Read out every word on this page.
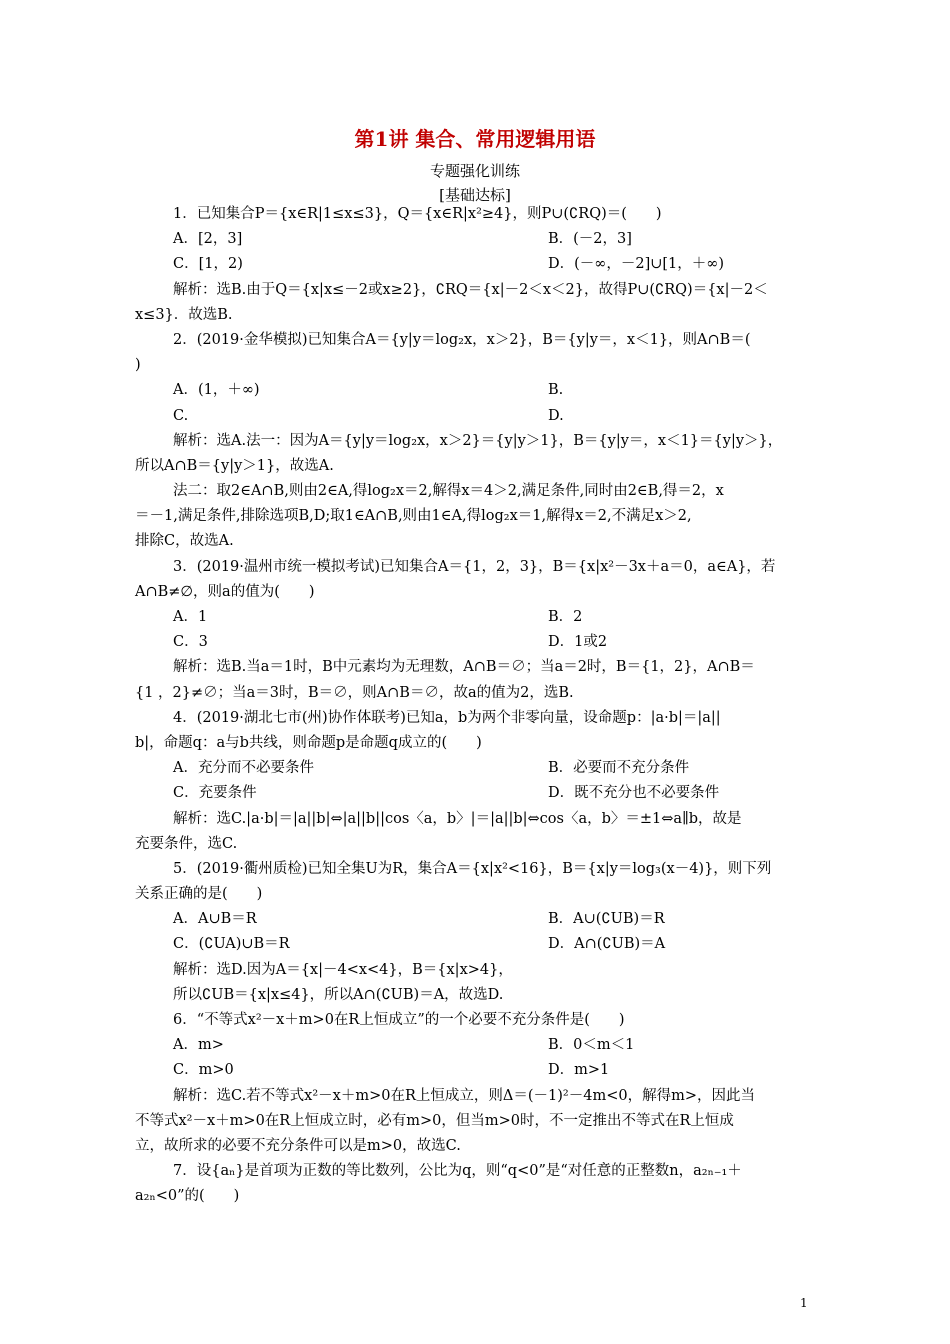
第1讲 集合、常用逻辑用语
专题强化训练
[基础达标]
1．已知集合P＝{x∈R|1≤x≤3}，Q＝{x∈R|x²≥4}，则P∪(∁RQ)＝(　　)
A．[2，3]	B．(－2，3]
C．[1，2)	D．(－∞，－2]∪[1，＋∞)
解析：选B.由于Q＝{x|x≤－2或x≥2}，∁RQ＝{x|－2＜x＜2}，故得P∪(∁RQ)＝{x|－2＜
x≤3}．故选B.
2．(2019·金华模拟)已知集合A＝{y|y＝log₂x，x＞2}，B＝{y|y＝，x＜1}，则A∩B＝(
)
A．(1，＋∞)	B.
C.	D.
解析：选A.法一：因为A＝{y|y＝log₂x，x＞2}＝{y|y＞1}，B＝{y|y＝，x＜1}＝{y|y＞}，
所以A∩B＝{y|y＞1}，故选A.
法二：取2∈A∩B,则由2∈A,得log₂x＝2,解得x＝4＞2,满足条件,同时由2∈B,得＝2，x
＝－1,满足条件,排除选项B,D;取1∈A∩B,则由1∈A,得log₂x＝1,解得x＝2,不满足x＞2,
排除C，故选A.
3．(2019·温州市统一模拟考试)已知集合A＝{1，2，3}，B＝{x|x²－3x＋a＝0，a∈A}，若
A∩B≠∅，则a的值为(　　)
A．1	B．2
C．3	D．1或2
解析：选B.当a＝1时，B中元素均为无理数，A∩B＝∅；当a＝2时，B＝{1，2}，A∩B＝
{1 ，2}≠∅；当a＝3时，B＝∅，则A∩B＝∅，故a的值为2，选B.
4．(2019·湖北七市(州)协作体联考)已知a，b为两个非零向量，设命题p：|a·b|＝|a||
b|，命题q：a与b共线，则命题p是命题q成立的(　　)
A．充分而不必要条件	B．必要而不充分条件
C．充要条件	D．既不充分也不必要条件
解析：选C.|a·b|＝|a||b|⇔|a||b||cos〈a，b〉|＝|a||b|⇔cos〈a，b〉＝±1⇔a∥b，故是
充要条件，选C.
5．(2019·衢州质检)已知全集U为R，集合A＝{x|x²<16}，B＝{x|y＝log₃(x－4)}，则下列
关系正确的是(　　)
A．A∪B＝R	B．A∪(∁UB)＝R
C．(∁UA)∪B＝R	D．A∩(∁UB)＝A
解析：选D.因为A＝{x|－4<x<4}，B＝{x|x>4}，
所以∁UB＝{x|x≤4}，所以A∩(∁UB)＝A，故选D.
6．“不等式x²－x＋m>0在R上恒成立”的一个必要不充分条件是(　　)
A．m>	B．0＜m＜1
C．m>0	D．m>1
解析：选C.若不等式x²－x＋m>0在R上恒成立，则Δ＝(－1)²－4m<0，解得m>，因此当
不等式x²－x＋m>0在R上恒成立时，必有m>0，但当m>0时，不一定推出不等式在R上恒成
立，故所求的必要不充分条件可以是m>0，故选C.
7．设{aₙ}是首项为正数的等比数列，公比为q，则“q<0”是“对任意的正整数n，a₂ₙ₋₁＋
a₂ₙ<0”的(　　)
1
